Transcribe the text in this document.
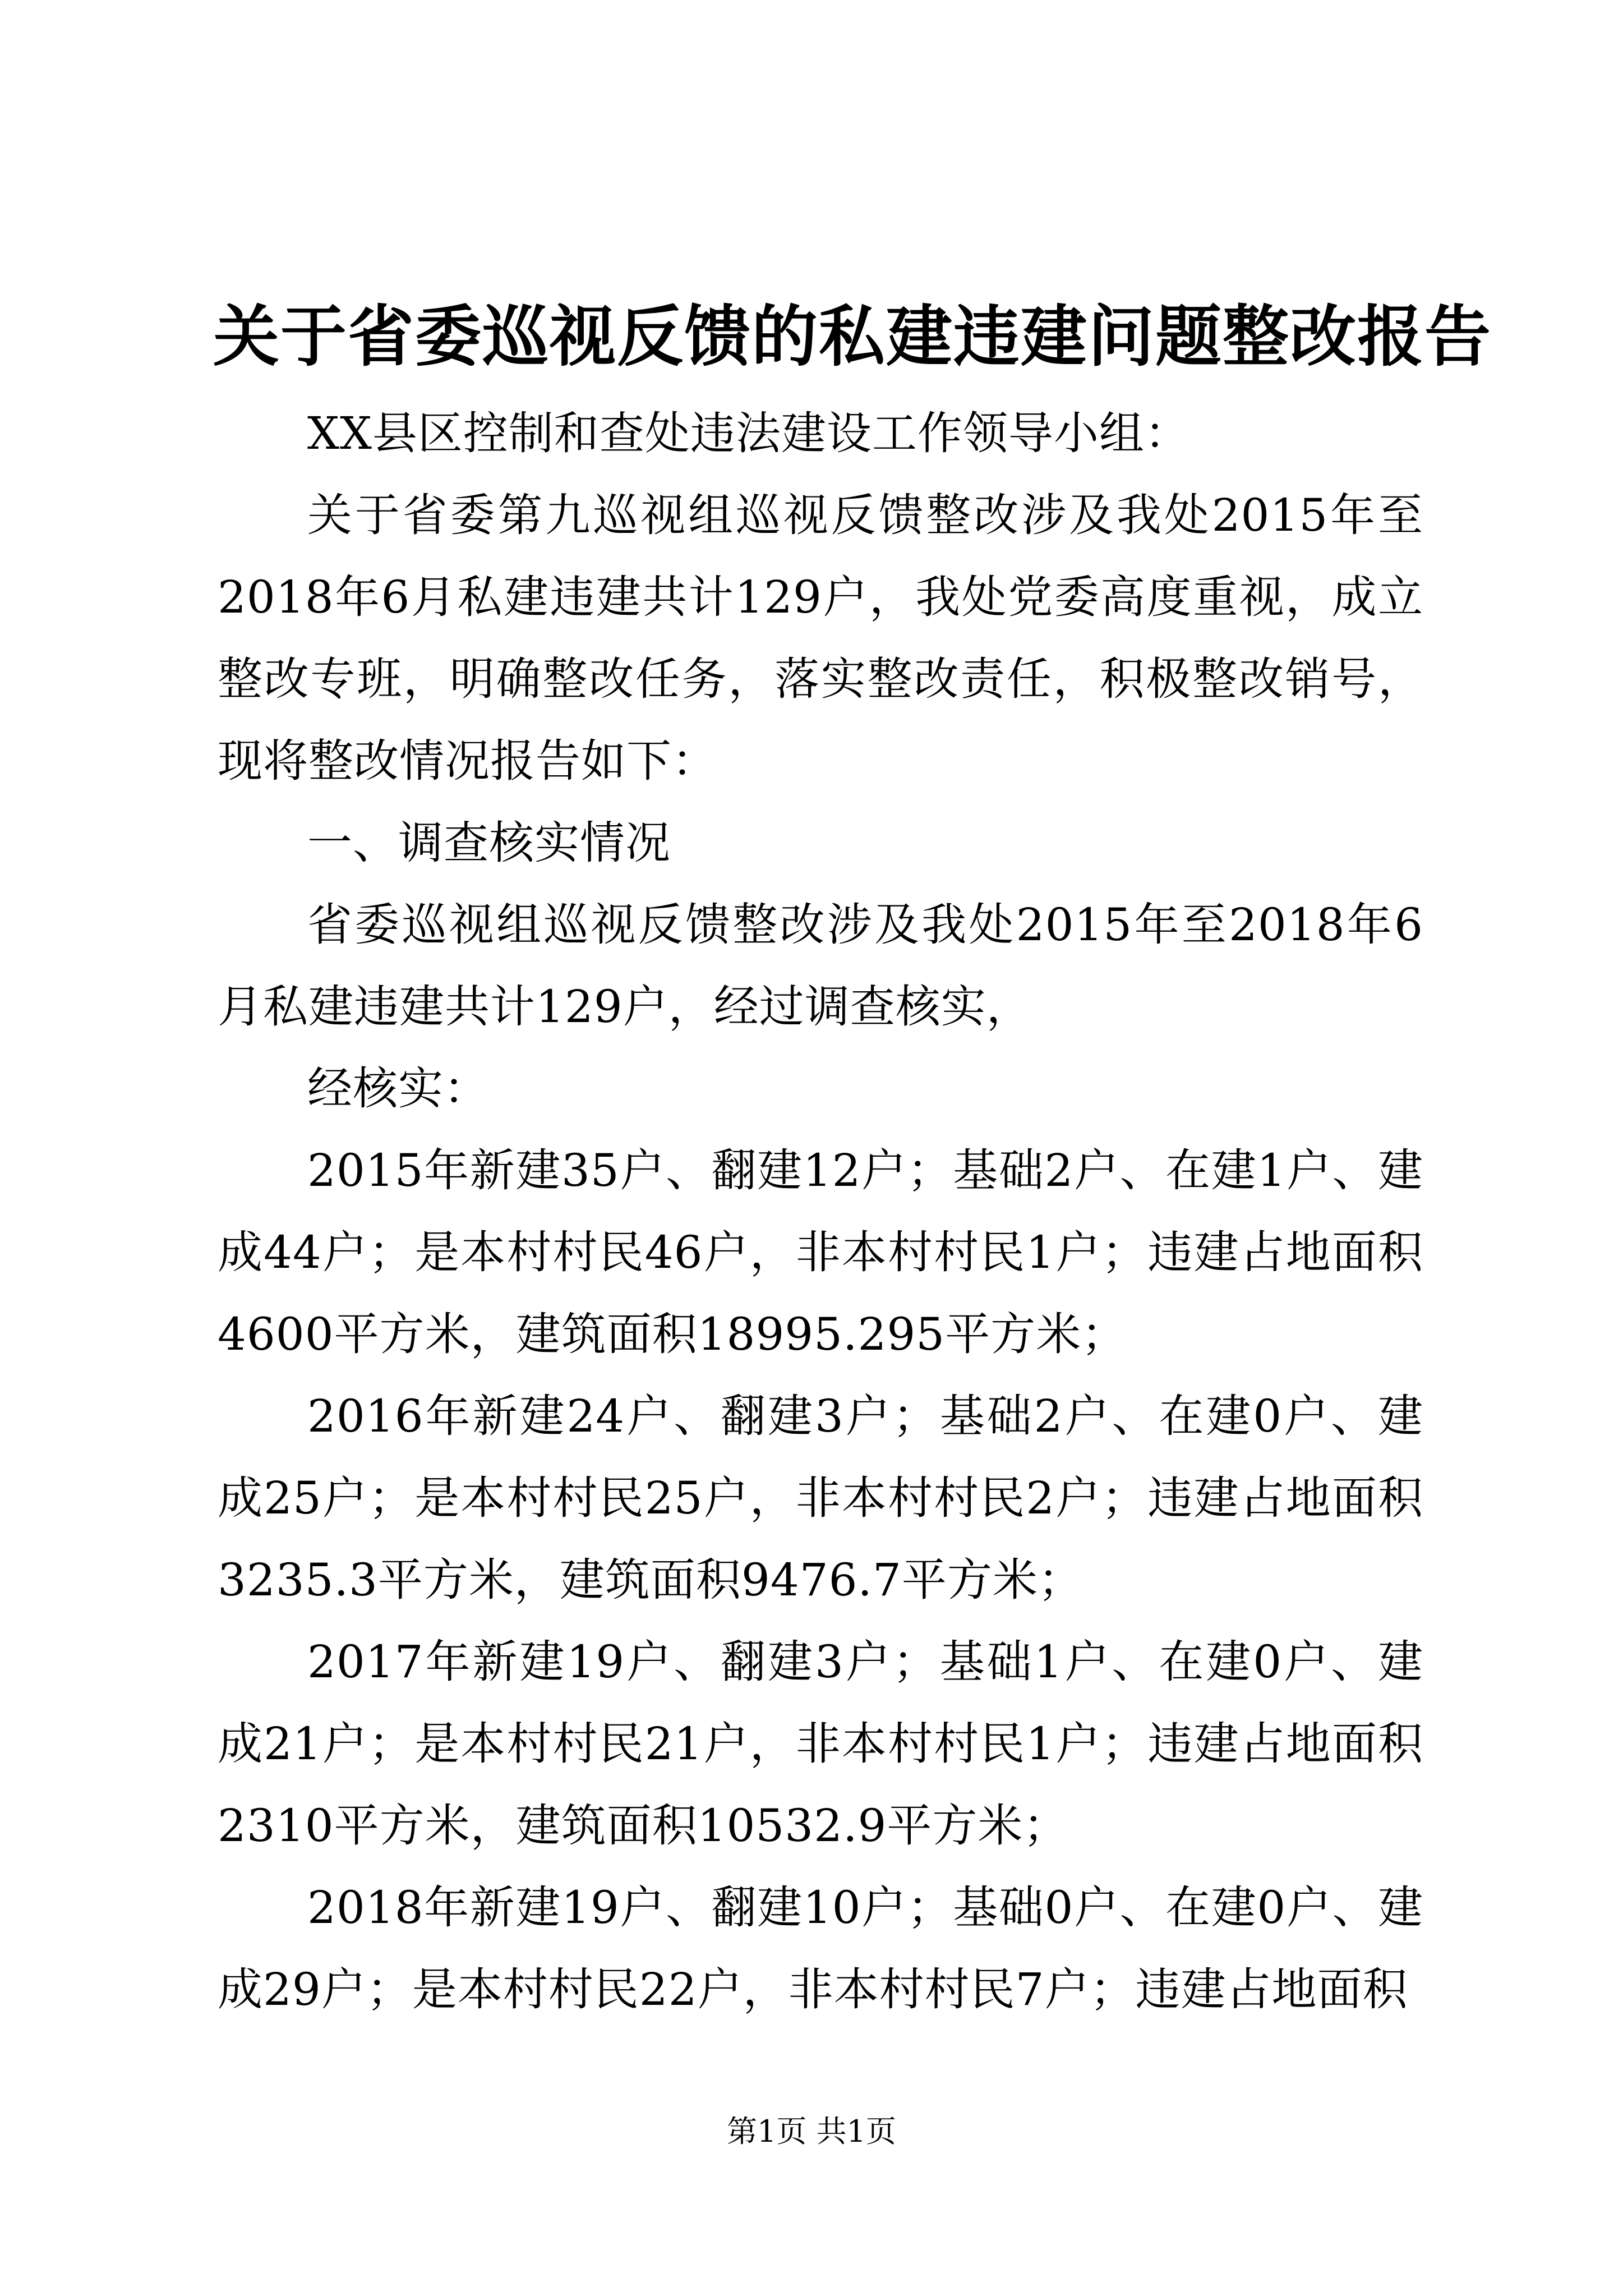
关于省委巡视反馈的私建违建问题整改报告

XX县区控制和查处违法建设工作领导小组：

关于省委第九巡视组巡视反馈整改涉及我处2015年至2018年6月私建违建共计129户，我处党委高度重视，成立整改专班，明确整改任务，落实整改责任，积极整改销号，现将整改情况报告如下：

一、调查核实情况

省委巡视组巡视反馈整改涉及我处2015年至2018年6月私建违建共计129户，经过调查核实，

经核实：

2015年新建35户、翻建12户；基础2户、在建1户、建成44户；是本村村民46户，非本村村民1户；违建占地面积4600平方米，建筑面积18995.295平方米；

2016年新建24户、翻建3户；基础2户、在建0户、建成25户；是本村村民25户，非本村村民2户；违建占地面积3235.3平方米，建筑面积9476.7平方米；

2017年新建19户、翻建3户；基础1户、在建0户、建成21户；是本村村民21户，非本村村民1户；违建占地面积2310平方米，建筑面积10532.9平方米；

2018年新建19户、翻建10户；基础0户、在建0户、建成29户；是本村村民22户，非本村村民7户；违建占地面积

第1页 共1页
